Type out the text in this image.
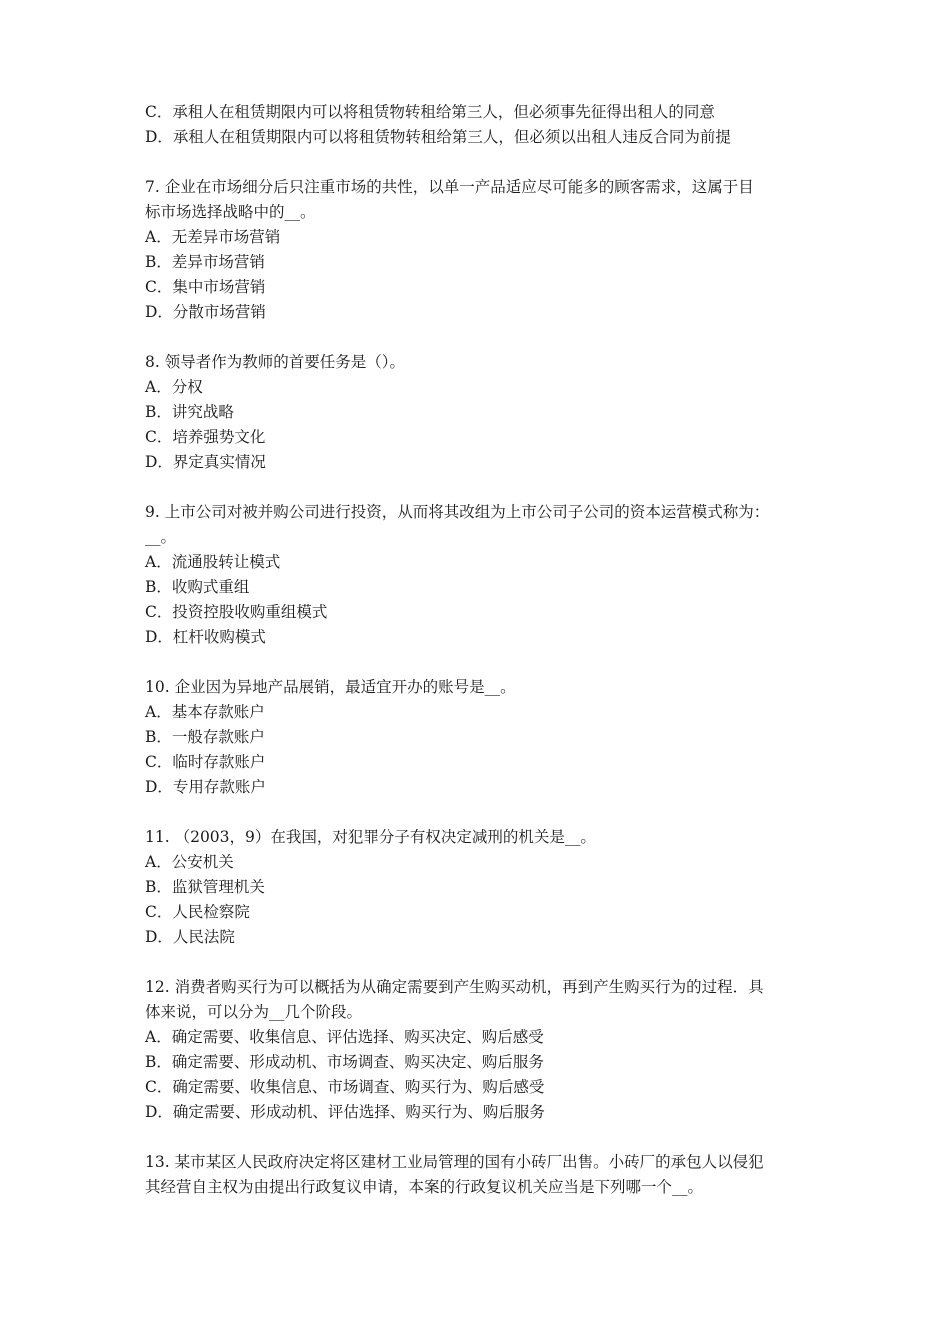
C．承租人在租赁期限内可以将租赁物转租给第三人，但必须事先征得出租人的同意
D．承租人在租赁期限内可以将租赁物转租给第三人，但必须以出租人违反合同为前提
7. 企业在市场细分后只注重市场的共性，以单一产品适应尽可能多的顾客需求，这属于目
标市场选择战略中的__。
A．无差异市场营销
B．差异市场营销
C．集中市场营销
D．分散市场营销
8. 领导者作为教师的首要任务是（）。
A．分权
B．讲究战略
C．培养强势文化
D．界定真实情况
9. 上市公司对被并购公司进行投资，从而将其改组为上市公司子公司的资本运营模式称为：
__。
A．流通股转让模式
B．收购式重组
C．投资控股收购重组模式
D．杠杆收购模式
10. 企业因为异地产品展销，最适宜开办的账号是__。
A．基本存款账户
B．一般存款账户
C．临时存款账户
D．专用存款账户
11. （2003，9）在我国，对犯罪分子有权决定减刑的机关是__。
A．公安机关
B．监狱管理机关
C．人民检察院
D．人民法院
12. 消费者购买行为可以概括为从确定需要到产生购买动机，再到产生购买行为的过程．具
体来说，可以分为__几个阶段。
A．确定需要、收集信息、评估选择、购买决定、购后感受
B．确定需要、形成动机、市场调查、购买决定、购后服务
C．确定需要、收集信息、市场调查、购买行为、购后感受
D．确定需要、形成动机、评估选择、购买行为、购后服务
13. 某市某区人民政府决定将区建材工业局管理的国有小砖厂出售。小砖厂的承包人以侵犯
其经营自主权为由提出行政复议申请，本案的行政复议机关应当是下列哪一个__。
